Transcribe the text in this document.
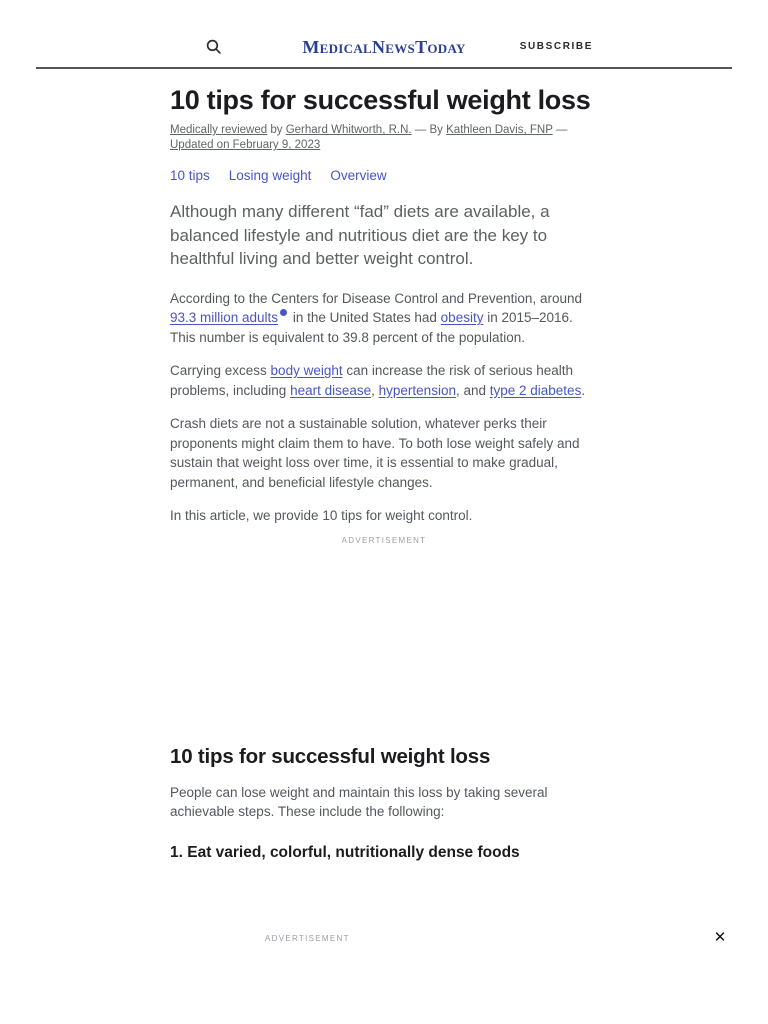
MedicalNewsToday	SUBSCRIBE
10 tips for successful weight loss

Medically reviewed by Gerhard Whitworth, R.N. — By Kathleen Davis, FNP — Updated on February 9, 2023

10 tips Losing weight Overview

Although many different “fad” diets are available, a balanced lifestyle and nutritious diet are the key to healthful living and better weight control.

According to the Centers for Disease Control and Prevention, around 93.3 million adults in the United States had obesity in 2015–2016. This number is equivalent to 39.8 percent of the population.

Carrying excess body weight can increase the risk of serious health problems, including heart disease, hypertension, and type 2 diabetes.

Crash diets are not a sustainable solution, whatever perks their proponents might claim them to have. To both lose weight safely and sustain that weight loss over time, it is essential to make gradual, permanent, and beneficial lifestyle changes.

In this article, we provide 10 tips for weight control.

ADVERTISEMENT
10 tips for successful weight loss

People can lose weight and maintain this loss by taking several achievable steps. These include the following:

1. Eat varied, colorful, nutritionally dense foods
ADVERTISEMENT	✕
